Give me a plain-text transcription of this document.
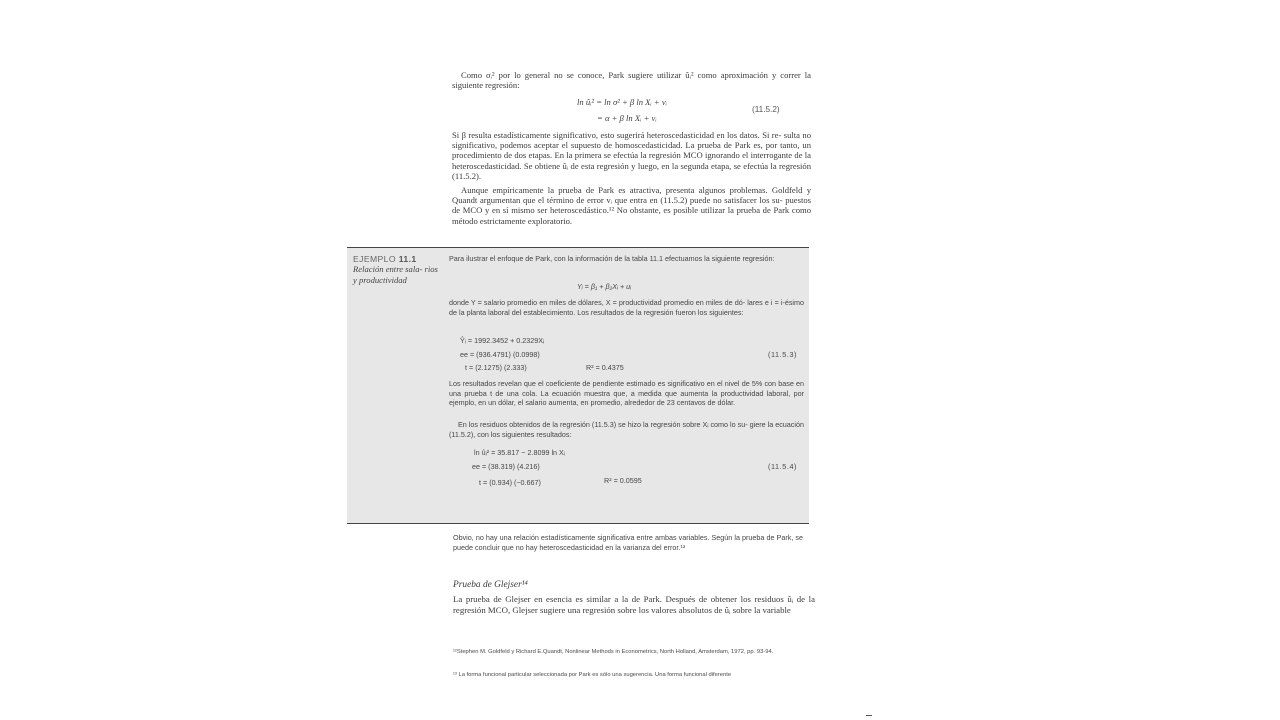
Como σᵢ² por lo general no se conoce, Park sugiere utilizar ûᵢ² como aproximación y correr la siguiente regresión:
ln ûᵢ² = ln σ² + β ln Xᵢ + vᵢ
= α + β ln Xᵢ + vᵢ
(11.5.2)
Si β resulta estadísticamente significativo, esto sugerirá heteroscedasticidad en los datos. Si re- sulta no significativo, podemos aceptar el supuesto de homoscedasticidad. La prueba de Park es, por tanto, un procedimiento de dos etapas. En la primera se efectúa la regresión MCO ignorando el interrogante de la heteroscedasticidad. Se obtiene ûᵢ de esta regresión y luego, en la segunda etapa, se efectúa la regresión (11.5.2).
Aunque empíricamente la prueba de Park es atractiva, presenta algunos problemas. Goldfeld y Quandt argumentan que el término de error vᵢ que entra en (11.5.2) puede no satisfacer los su- puestos de MCO y en sí mismo ser heteroscedástico.¹² No obstante, es posible utilizar la prueba de Park como método estrictamente exploratorio.
EJEMPLO 11.1
Relación entre sala- rios y productividad
Para ilustrar el enfoque de Park, con la información de la tabla 11.1 efectuamos la siguiente regresión:
Yᵢ = β₁ + β₂Xᵢ + uᵢ
donde Y = salario promedio en miles de dólares, X = productividad promedio en miles de dó- lares e i = i-ésimo de la planta laboral del establecimiento. Los resultados de la regresión fueron los siguientes:
Ŷᵢ = 1992.3452 + 0.2329Xᵢ
ee = (936.4791) (0.0998)
t = (2.1275) (2.333)	R² = 0.4375
(11.5.3)
Los resultados revelan que el coeficiente de pendiente estimado es significativo en el nivel de 5% con base en una prueba t de una cola. La ecuación muestra que, a medida que aumenta la productividad laboral, por ejemplo, en un dólar, el salario aumenta, en promedio, alrededor de 23 centavos de dólar.
En los residuos obtenidos de la regresión (11.5.3) se hizo la regresión sobre Xᵢ como lo su- giere la ecuación (11.5.2), con los siguientes resultados:
ln ûᵢ² = 35.817 − 2.8099 ln Xᵢ
ee = (38.319) (4.216)
t = (0.934) (−0.667)	R² = 0.0595
(11.5.4)
Obvio, no hay una relación estadísticamente significativa entre ambas variables. Según la prueba de Park, se puede concluir que no hay heteroscedasticidad en la varianza del error.¹³
Prueba de Glejser¹⁴
La prueba de Glejser en esencia es similar a la de Park. Después de obtener los residuos ûᵢ de la regresión MCO, Glejser sugiere una regresión sobre los valores absolutos de ûᵢ sobre la variable
¹²Stephen M. Goldfeld y Richard E.Quandt, Nonlinear Methods in Econometrics, North Holland, Amsterdam, 1972, pp. 93-94.
¹³ La forma funcional particular seleccionada por Park es sólo una sugerencia. Una forma funcional diferente
